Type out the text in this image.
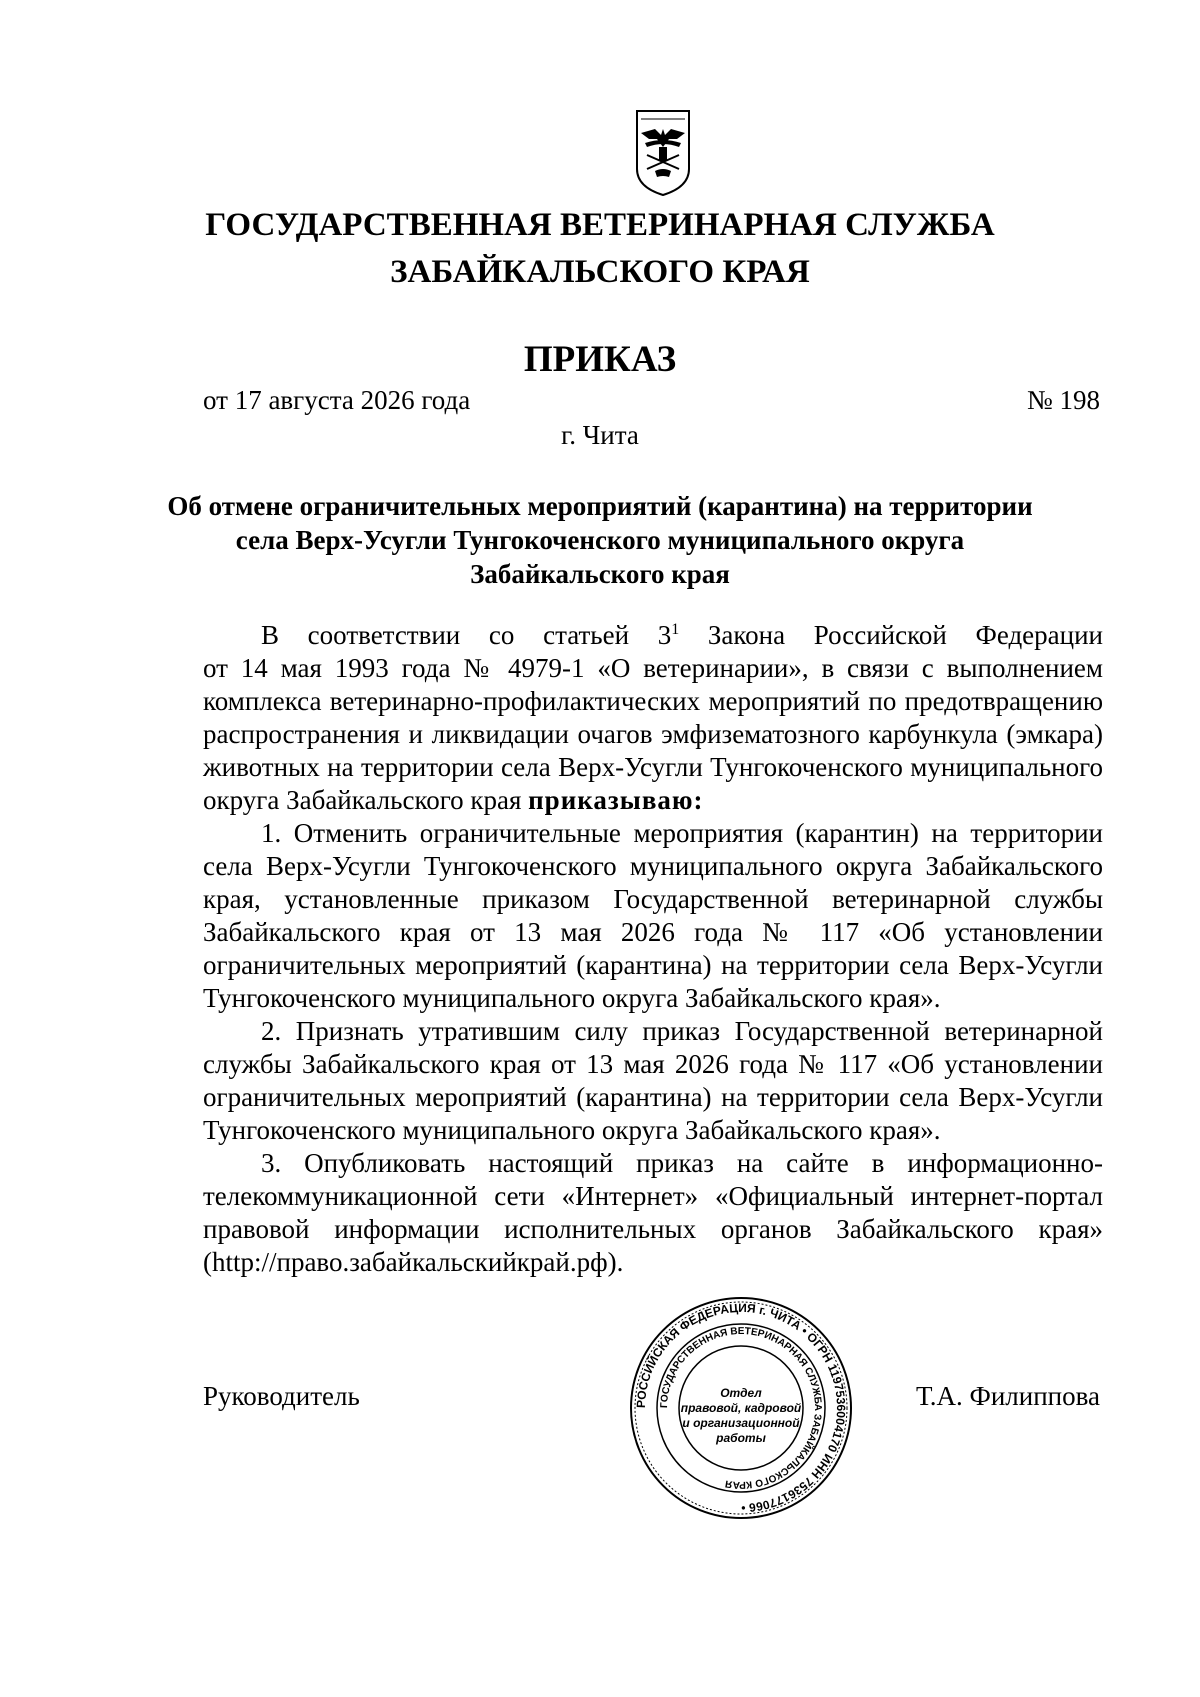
ГОСУДАРСТВЕННАЯ ВЕТЕРИНАРНАЯ СЛУЖБА
ЗАБАЙКАЛЬСКОГО КРАЯ
ПРИКАЗ
от 17 августа 2026 года	№ 198
г. Чита
Об отмене ограничительных мероприятий (карантина) на территории
села Верх-Усугли Тунгокоченского муниципального округа
Забайкальского края
В соответствии со статьей $3^1$ Закона Российской Федерации
от 14 мая 1993 года № 4979-1 «О ветеринарии», в связи с выполнением
комплекса ветеринарно-профилактических мероприятий по предотвращению
распространения и ликвидации очагов эмфизематозного карбункула (эмкара)
животных на территории села Верх-Усугли Тунгокоченского муниципального
округа Забайкальского края приказываю:
1. Отменить ограничительные мероприятия (карантин) на территории
села Верх-Усугли Тунгокоченского муниципального округа Забайкальского
края, установленные приказом Государственной ветеринарной службы
Забайкальского края от 13 мая 2026 года № 117 «Об установлении
ограничительных мероприятий (карантина) на территории села Верх-Усугли
Тунгокоченского муниципального округа Забайкальского края».
2. Признать утратившим силу приказ Государственной ветеринарной
службы Забайкальского края от 13 мая 2026 года № 117 «Об установлении
ограничительных мероприятий (карантина) на территории села Верх-Усугли
Тунгокоченского муниципального округа Забайкальского края».
3. Опубликовать настоящий приказ на сайте в информационно-
телекоммуникационной сети «Интернет» «Официальный интернет-портал
правовой информации исполнительных органов Забайкальского края»
(http://право.забайкальскийкрай.рф).
Руководитель	Т.А. Филиппова
РОССИЙСКАЯ ФЕДЕРАЦИЯ г. ЧИТА • ОГРН 1197536004170 ИНН 7536177066 •
ГОСУДАРСТВЕННАЯ ВЕТЕРИНАРНАЯ СЛУЖБА ЗАБАЙКАЛЬСКОГО КРАЯ
Отдел
правовой, кадровой
и организационной
работы
